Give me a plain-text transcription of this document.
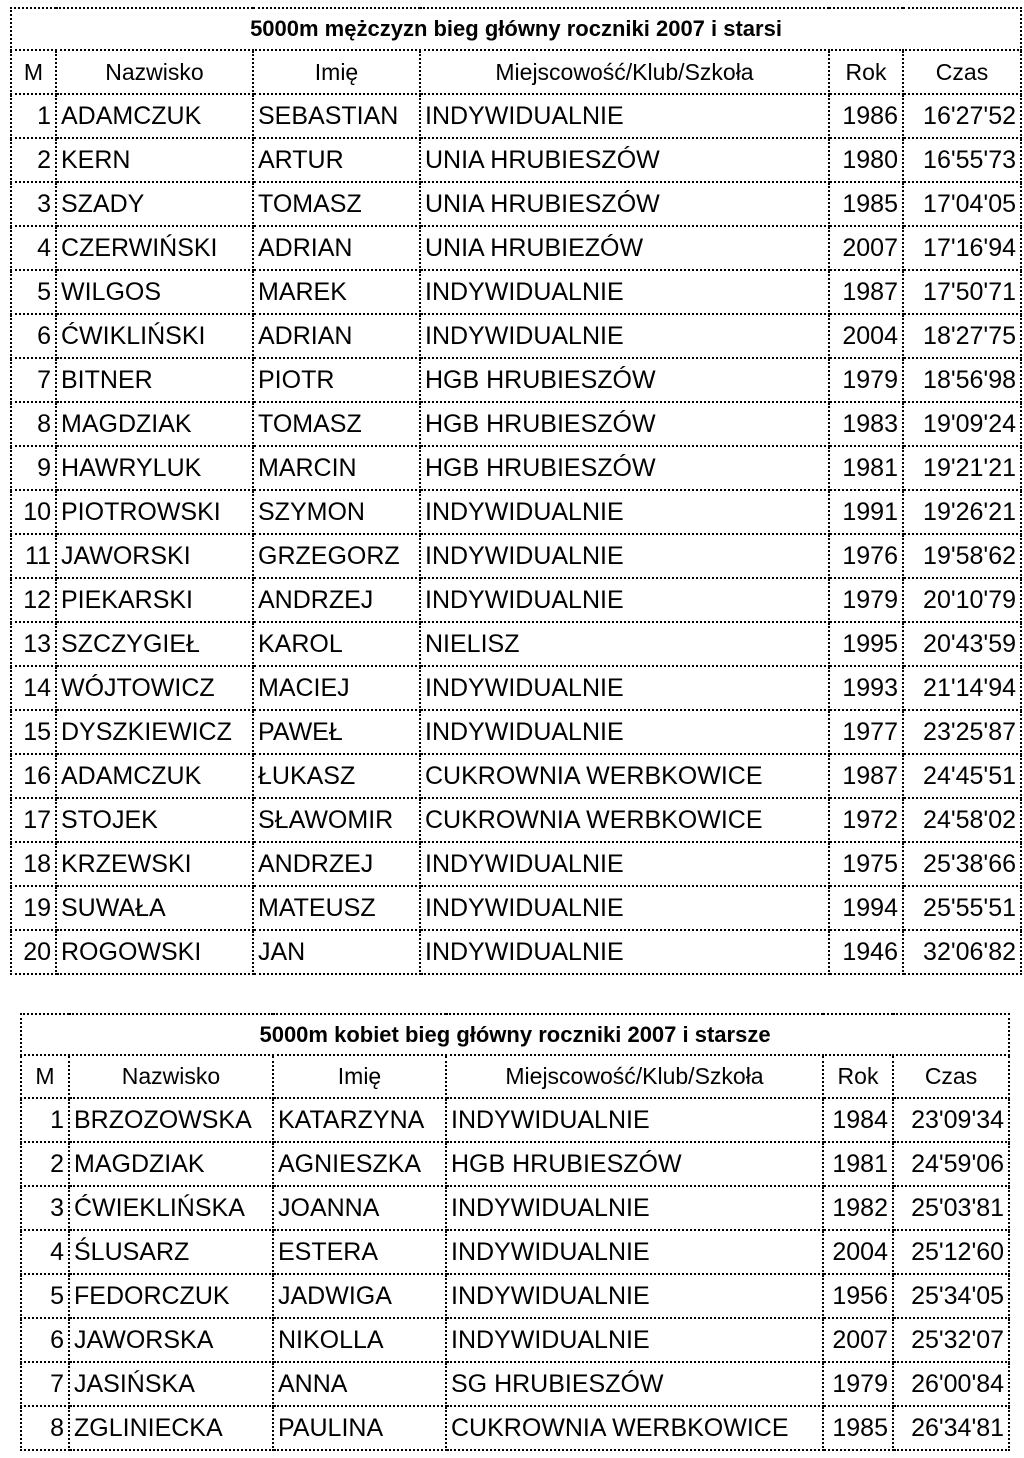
5000m mężczyzn bieg główny roczniki 2007 i starsi					
M	Nazwisko	Imię	Miejscowość/Klub/Szkoła	Rok	Czas
1	ADAMCZUK	SEBASTIAN	INDYWIDUALNIE	1986	16'27'52
2	KERN	ARTUR	UNIA HRUBIESZÓW	1980	16'55'73
3	SZADY	TOMASZ	UNIA HRUBIESZÓW	1985	17'04'05
4	CZERWIŃSKI	ADRIAN	UNIA HRUBIEZÓW	2007	17'16'94
5	WILGOS	MAREK	INDYWIDUALNIE	1987	17'50'71
6	ĆWIKLIŃSKI	ADRIAN	INDYWIDUALNIE	2004	18'27'75
7	BITNER	PIOTR	HGB HRUBIESZÓW	1979	18'56'98
8	MAGDZIAK	TOMASZ	HGB HRUBIESZÓW	1983	19'09'24
9	HAWRYLUK	MARCIN	HGB HRUBIESZÓW	1981	19'21'21
10	PIOTROWSKI	SZYMON	INDYWIDUALNIE	1991	19'26'21
11	JAWORSKI	GRZEGORZ	INDYWIDUALNIE	1976	19'58'62
12	PIEKARSKI	ANDRZEJ	INDYWIDUALNIE	1979	20'10'79
13	SZCZYGIEŁ	KAROL	NIELISZ	1995	20'43'59
14	WÓJTOWICZ	MACIEJ	INDYWIDUALNIE	1993	21'14'94
15	DYSZKIEWICZ	PAWEŁ	INDYWIDUALNIE	1977	23'25'87
16	ADAMCZUK	ŁUKASZ	CUKROWNIA WERBKOWICE	1987	24'45'51
17	STOJEK	SŁAWOMIR	CUKROWNIA WERBKOWICE	1972	24'58'02
18	KRZEWSKI	ANDRZEJ	INDYWIDUALNIE	1975	25'38'66
19	SUWAŁA	MATEUSZ	INDYWIDUALNIE	1994	25'55'51
20	ROGOWSKI	JAN	INDYWIDUALNIE	1946	32'06'82
5000m kobiet bieg główny roczniki 2007 i starsze					
M	Nazwisko	Imię	Miejscowość/Klub/Szkoła	Rok	Czas
1	BRZOZOWSKA	KATARZYNA	INDYWIDUALNIE	1984	23'09'34
2	MAGDZIAK	AGNIESZKA	HGB HRUBIESZÓW	1981	24'59'06
3	ĆWIEKLIŃSKA	JOANNA	INDYWIDUALNIE	1982	25'03'81
4	ŚLUSARZ	ESTERA	INDYWIDUALNIE	2004	25'12'60
5	FEDORCZUK	JADWIGA	INDYWIDUALNIE	1956	25'34'05
6	JAWORSKA	NIKOLLA	INDYWIDUALNIE	2007	25'32'07
7	JASIŃSKA	ANNA	SG HRUBIESZÓW	1979	26'00'84
8	ZGLINIECKA	PAULINA	CUKROWNIA WERBKOWICE	1985	26'34'81
